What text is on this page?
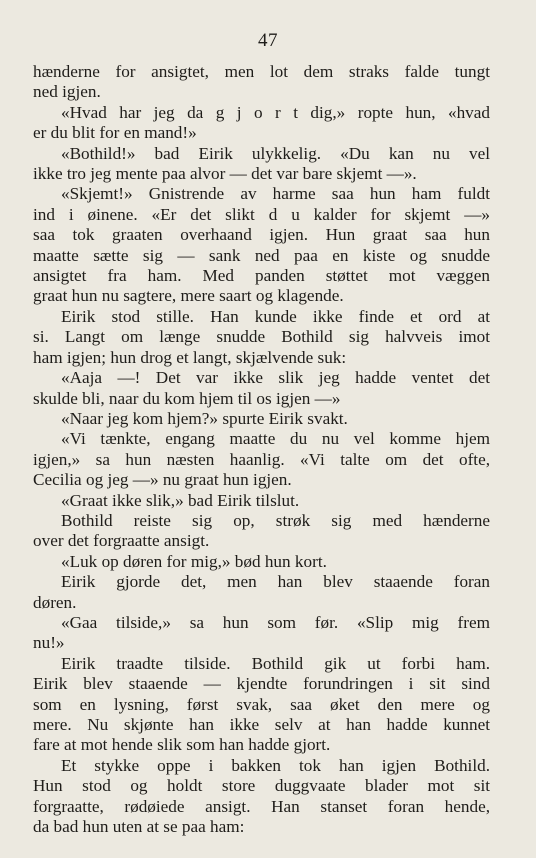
47
hænderne for ansigtet, men lot dem straks falde tungt
ned igjen.
«Hvad har jeg da g j o r t dig,» ropte hun, «hvad
er du blit for en mand!»
«Bothild!» bad Eirik ulykkelig. «Du kan nu vel
ikke tro jeg mente paa alvor — det var bare skjemt —».
«Skjemt!» Gnistrende av harme saa hun ham fuldt
ind i øinene. «Er det slikt d u kalder for skjemt —»
saa tok graaten overhaand igjen. Hun graat saa hun
maatte sætte sig — sank ned paa en kiste og snudde
ansigtet fra ham. Med panden støttet mot væggen
graat hun nu sagtere, mere saart og klagende.
Eirik stod stille. Han kunde ikke finde et ord at
si. Langt om længe snudde Bothild sig halvveis imot
ham igjen; hun drog et langt, skjælvende suk:
«Aaja —! Det var ikke slik jeg hadde ventet det
skulde bli, naar du kom hjem til os igjen —»
«Naar jeg kom hjem?» spurte Eirik svakt.
«Vi tænkte, engang maatte du nu vel komme hjem
igjen,» sa hun næsten haanlig. «Vi talte om det ofte,
Cecilia og jeg —» nu graat hun igjen.
«Graat ikke slik,» bad Eirik tilslut.
Bothild reiste sig op, strøk sig med hænderne
over det forgraatte ansigt.
«Luk op døren for mig,» bød hun kort.
Eirik gjorde det, men han blev staaende foran
døren.
«Gaa tilside,» sa hun som før. «Slip mig frem
nu!»
Eirik traadte tilside. Bothild gik ut forbi ham.
Eirik blev staaende — kjendte forundringen i sit sind
som en lysning, først svak, saa øket den mere og
mere. Nu skjønte han ikke selv at han hadde kunnet
fare at mot hende slik som han hadde gjort.
Et stykke oppe i bakken tok han igjen Bothild.
Hun stod og holdt store duggvaate blader mot sit
forgraatte, rødøiede ansigt. Han stanset foran hende,
da bad hun uten at se paa ham:
